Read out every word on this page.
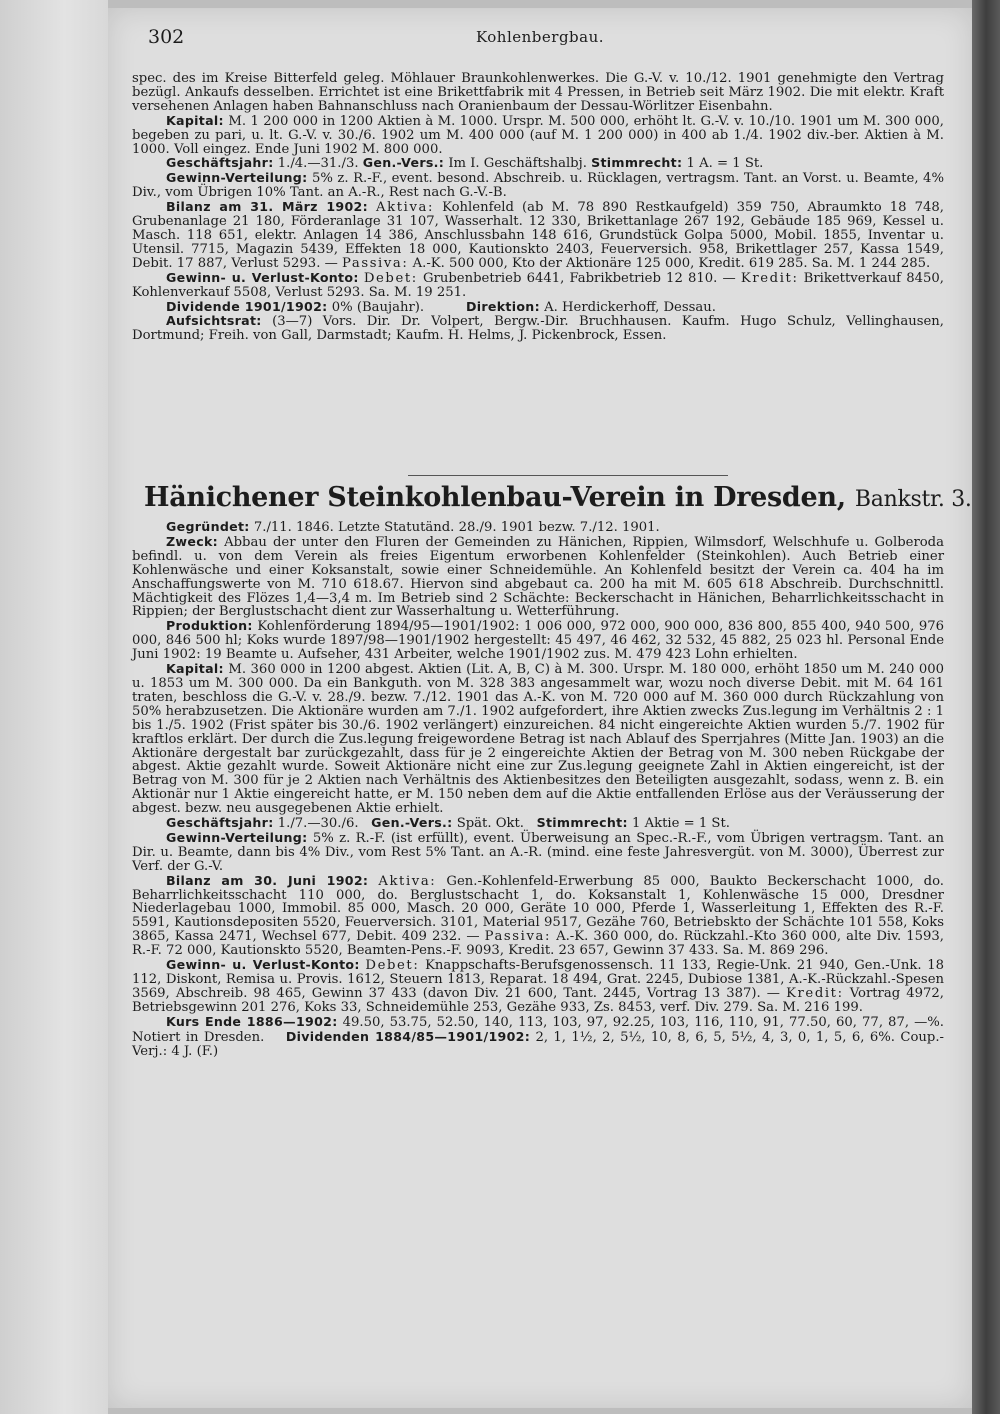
302	Kohlenbergbau.

spec. des im Kreise Bitterfeld geleg. Möhlauer Braunkohlenwerkes. Die G.-V. v. 10./12. 1901 genehmigte den Vertrag bezügl. Ankaufs desselben. Errichtet ist eine Brikettfabrik mit 4 Pressen, in Betrieb seit März 1902. Die mit elektr. Kraft versehenen Anlagen haben Bahnanschluss nach Oranienbaum der Dessau-Wörlitzer Eisenbahn.

Kapital: M. 1 200 000 in 1200 Aktien à M. 1000. Urspr. M. 500 000, erhöht lt. G.-V. v. 10./10. 1901 um M. 300 000, begeben zu pari, u. lt. G.-V. v. 30./6. 1902 um M. 400 000 (auf M. 1 200 000) in 400 ab 1./4. 1902 div.-ber. Aktien à M. 1000. Voll eingez. Ende Juni 1902 M. 800 000.

Geschäftsjahr: 1./4.—31./3. Gen.-Vers.: Im I. Geschäftshalbj. Stimmrecht: 1 A. = 1 St.

Gewinn-Verteilung: 5% z. R.-F., event. besond. Abschreib. u. Rücklagen, vertragsm. Tant. an Vorst. u. Beamte, 4% Div., vom Übrigen 10% Tant. an A.-R., Rest nach G.-V.-B.

Bilanz am 31. März 1902: Aktiva: Kohlenfeld (ab M. 78 890 Restkaufgeld) 359 750, Abraumkto 18 748, Grubenanlage 21 180, Förderanlage 31 107, Wasserhalt. 12 330, Brikettanlage 267 192, Gebäude 185 969, Kessel u. Masch. 118 651, elektr. Anlagen 14 386, Anschlussbahn 148 616, Grundstück Golpa 5000, Mobil. 1855, Inventar u. Utensil. 7715, Magazin 5439, Effekten 18 000, Kautionskto 2403, Feuerversich. 958, Brikettlager 257, Kassa 1549, Debit. 17 887, Verlust 5293. — Passiva: A.-K. 500 000, Kto der Aktionäre 125 000, Kredit. 619 285. Sa. M. 1 244 285.

Gewinn- u. Verlust-Konto: Debet: Grubenbetrieb 6441, Fabrikbetrieb 12 810. — Kredit: Brikettverkauf 8450, Kohlenverkauf 5508, Verlust 5293. Sa. M. 19 251.

Dividende 1901/1902: 0% (Baujahr).	Direktion: A. Herdickerhoff, Dessau.

Aufsichtsrat: (3—7) Vors. Dir. Dr. Volpert, Bergw.-Dir. Bruchhausen. Kaufm. Hugo Schulz, Vellinghausen, Dortmund; Freih. von Gall, Darmstadt; Kaufm. H. Helms, J. Pickenbrock, Essen.

Hänichener Steinkohlenbau-Verein in Dresden, Bankstr. 3.

Gegründet: 7./11. 1846. Letzte Statutänd. 28./9. 1901 bezw. 7./12. 1901.

Zweck: Abbau der unter den Fluren der Gemeinden zu Hänichen, Rippien, Wilmsdorf, Welschhufe u. Golberoda befindl. u. von dem Verein als freies Eigentum erworbenen Kohlenfelder (Steinkohlen). Auch Betrieb einer Kohlenwäsche und einer Koksanstalt, sowie einer Schneidemühle. An Kohlenfeld besitzt der Verein ca. 404 ha im Anschaffungswerte von M. 710 618.67. Hiervon sind abgebaut ca. 200 ha mit M. 605 618 Abschreib. Durchschnittl. Mächtigkeit des Flözes 1,4—3,4 m. Im Betrieb sind 2 Schächte: Beckerschacht in Hänichen, Beharrlichkeitsschacht in Rippien; der Berglustschacht dient zur Wasserhaltung u. Wetterführung.

Produktion: Kohlenförderung 1894/95—1901/1902: 1 006 000, 972 000, 900 000, 836 800, 855 400, 940 500, 976 000, 846 500 hl; Koks wurde 1897/98—1901/1902 hergestellt: 45 497, 46 462, 32 532, 45 882, 25 023 hl. Personal Ende Juni 1902: 19 Beamte u. Aufseher, 431 Arbeiter, welche 1901/1902 zus. M. 479 423 Lohn erhielten.

Kapital: M. 360 000 in 1200 abgest. Aktien (Lit. A, B, C) à M. 300. Urspr. M. 180 000, erhöht 1850 um M. 240 000 u. 1853 um M. 300 000. Da ein Bankguth. von M. 328 383 angesammelt war, wozu noch diverse Debit. mit M. 64 161 traten, beschloss die G.-V. v. 28./9. bezw. 7./12. 1901 das A.-K. von M. 720 000 auf M. 360 000 durch Rückzahlung von 50% herabzusetzen. Die Aktionäre wurden am 7./1. 1902 aufgefordert, ihre Aktien zwecks Zus.legung im Verhältnis 2 : 1 bis 1./5. 1902 (Frist später bis 30./6. 1902 verlängert) einzureichen. 84 nicht eingereichte Aktien wurden 5./7. 1902 für kraftlos erklärt. Der durch die Zus.legung freigewordene Betrag ist nach Ablauf des Sperrjahres (Mitte Jan. 1903) an die Aktionäre dergestalt bar zurückgezahlt, dass für je 2 eingereichte Aktien der Betrag von M. 300 neben Rückgabe der abgest. Aktie gezahlt wurde. Soweit Aktionäre nicht eine zur Zus.legung geeignete Zahl in Aktien eingereicht, ist der Betrag von M. 300 für je 2 Aktien nach Verhältnis des Aktienbesitzes den Beteiligten ausgezahlt, sodass, wenn z. B. ein Aktionär nur 1 Aktie eingereicht hatte, er M. 150 neben dem auf die Aktie entfallenden Erlöse aus der Veräusserung der abgest. bezw. neu ausgegebenen Aktie erhielt.

Geschäftsjahr: 1./7.—30./6. Gen.-Vers.: Spät. Okt. Stimmrecht: 1 Aktie = 1 St.

Gewinn-Verteilung: 5% z. R.-F. (ist erfüllt), event. Überweisung an Spec.-R.-F., vom Übrigen vertragsm. Tant. an Dir. u. Beamte, dann bis 4% Div., vom Rest 5% Tant. an A.-R. (mind. eine feste Jahresvergüt. von M. 3000), Überrest zur Verf. der G.-V.

Bilanz am 30. Juni 1902: Aktiva: Gen.-Kohlenfeld-Erwerbung 85 000, Baukto Beckerschacht 1000, do. Beharrlichkeitsschacht 110 000, do. Berglustschacht 1, do. Koksanstalt 1, Kohlenwäsche 15 000, Dresdner Niederlagebau 1000, Immobil. 85 000, Masch. 20 000, Geräte 10 000, Pferde 1, Wasserleitung 1, Effekten des R.-F. 5591, Kautionsdepositen 5520, Feuerversich. 3101, Material 9517, Gezähe 760, Betriebskto der Schächte 101 558, Koks 3865, Kassa 2471, Wechsel 677, Debit. 409 232. — Passiva: A.-K. 360 000, do. Rückzahl.-Kto 360 000, alte Div. 1593, R.-F. 72 000, Kautionskto 5520, Beamten-Pens.-F. 9093, Kredit. 23 657, Gewinn 37 433. Sa. M. 869 296.

Gewinn- u. Verlust-Konto: Debet: Knappschafts-Berufsgenossensch. 11 133, Regie-Unk. 21 940, Gen.-Unk. 18 112, Diskont, Remisa u. Provis. 1612, Steuern 1813, Reparat. 18 494, Grat. 2245, Dubiose 1381, A.-K.-Rückzahl.-Spesen 3569, Abschreib. 98 465, Gewinn 37 433 (davon Div. 21 600, Tant. 2445, Vortrag 13 387). — Kredit: Vortrag 4972, Betriebsgewinn 201 276, Koks 33, Schneidemühle 253, Gezähe 933, Zs. 8453, verf. Div. 279. Sa. M. 216 199.

Kurs Ende 1886—1902: 49.50, 53.75, 52.50, 140, 113, 103, 97, 92.25, 103, 116, 110, 91, 77.50, 60, 77, 87, —%. Notiert in Dresden. Dividenden 1884/85—1901/1902: 2, 1, 1½, 2, 5½, 10, 8, 6, 5, 5½, 4, 3, 0, 1, 5, 6, 6%. Coup.-Verj.: 4 J. (F.)
